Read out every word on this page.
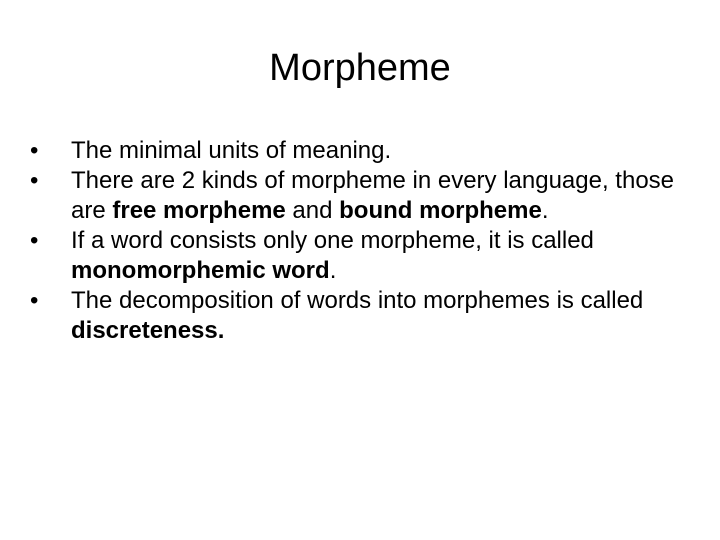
Morpheme
•	The minimal units of meaning.
•	There are 2 kinds of morpheme in every language, those are free morpheme and bound morpheme.
•	If a word consists only one morpheme, it is called monomorphemic word.
•	The decomposition of words into morphemes is called discreteness.
